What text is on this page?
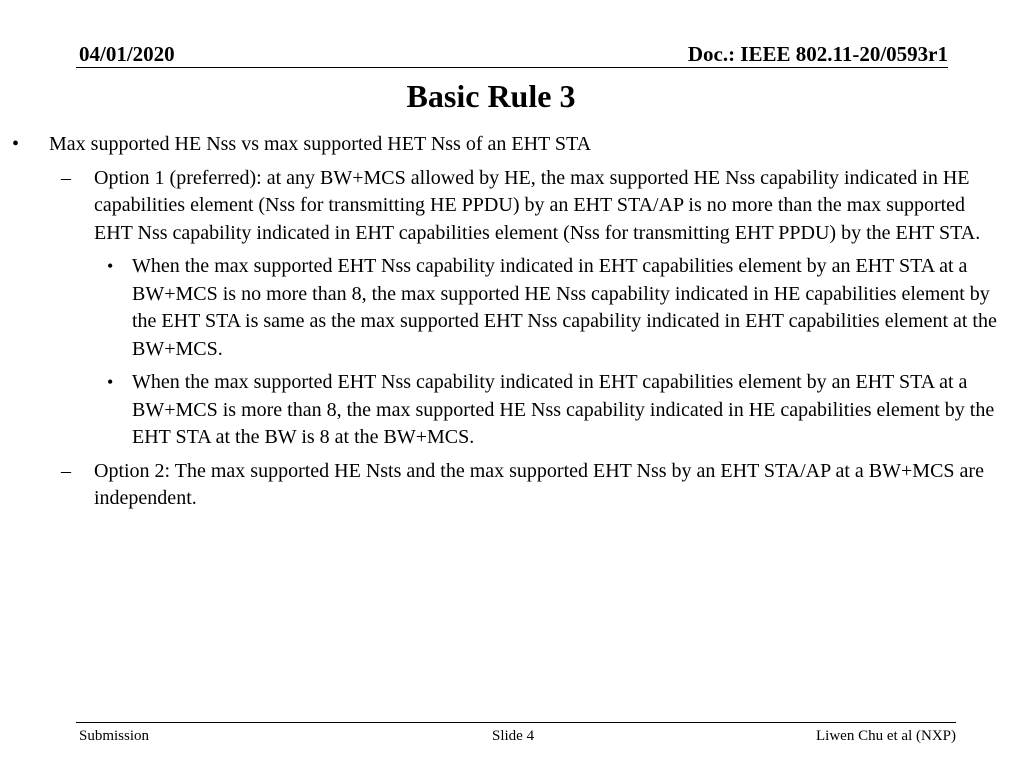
04/01/2020	Doc.: IEEE 802.11-20/0593r1
Basic Rule 3
• Max supported HE Nss vs max supported HET Nss of an EHT STA
– Option 1 (preferred): at any BW+MCS allowed by HE, the max supported HE Nss capability indicated in HE capabilities element (Nss for transmitting HE PPDU) by an EHT STA/AP is no more than the max supported EHT Nss capability indicated in EHT capabilities element (Nss for transmitting EHT PPDU) by the EHT STA.
• When the max supported EHT Nss capability indicated in EHT capabilities element by an EHT STA at a BW+MCS is no more than 8, the max supported HE Nss capability indicated in HE capabilities element by the EHT STA is same as the max supported EHT Nss capability indicated in EHT capabilities element at the BW+MCS.
• When the max supported EHT Nss capability indicated in EHT capabilities element by an EHT STA at a BW+MCS is more than 8, the max supported HE Nss capability indicated in HE capabilities element by the EHT STA at the BW is 8 at the BW+MCS.
– Option 2: The max supported HE Nsts and the max supported EHT Nss by an EHT STA/AP at a BW+MCS are independent.
Submission	Slide 4	Liwen Chu et al (NXP)
